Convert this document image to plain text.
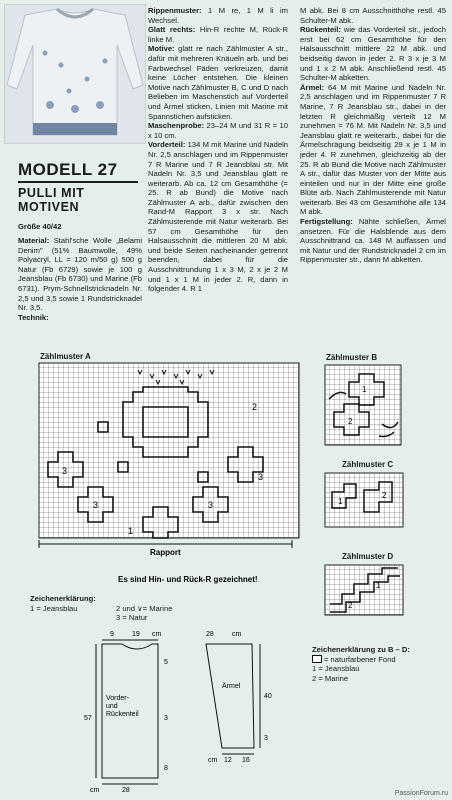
MODELL 27
PULLI MIT
MOTIVEN
Größe 40/42
Material: Stahl'sche Wolle „Belami Denim" (51% Baumwolle, 49% Polyacryl, LL = 120 m/50 g) 500 g Natur (Fb 6729) sowie je 100 g Jeansblau (Fb 6730) und Marine (Fb 6731). Prym-Schnellstricknadeln Nr. 2,5 und 3,5 sowie 1 Rundstricknadel Nr. 3,5.
Technik:
Rippenmuster: 1 M re, 1 M li im Wechsel.
Glatt rechts: Hin-R rechte M, Rück-R linke M.
Motive: glatt re nach Zählmuster A str., dafür mit mehreren Knäueln arb. und bei Farbwechsel Fäden verkreuzen, damit keine Löcher entstehen. Die kleinen Motive nach Zählmuster B, C und D nach Belieben im Maschenstich auf Vorderteil und Ärmel sticken, Linien mit Marine mit Spannstichen aufsticken.
Maschenprobe: 23–24 M und 31 R = 10 x 10 cm.
Vorderteil: 134 M mit Marine und Nadeln Nr. 2,5 anschlagen und im Rippenmuster 7 R Marine und 7 R Jeansblau str. Mit Nadeln Nr. 3,5 und Jeansblau glatt re weiterarb. Ab ca. 12 cm Gesamthöhe (= 25. R ab Bund) die Motive nach Zählmuster A arb., dafür zwischen den Rand-M Rapport 3 x str. Nach Zählmusterende mit Natur weiterarb. Bei 57 cm Gesamthöhe für den Halsausschnitt die mittleren 20 M abk. und beide Seiten nacheinander getrennt beenden, dabei für die Ausschnittrundung 1 x 3 M, 2 x je 2 M und 1 x 1 M in jeder 2. R, dann in folgender 4. R 1
M abk. Bei 8 cm Ausschnitthöhe restl. 45 Schulter-M abk.
Rückenteil: wie das Vorderteil str., jedoch erst bei 62 cm Gesamthöhe für den Halsausschnitt mittlere 22 M abk. und beidseitig davon in jeder 2. R 3 x je 3 M und 1 x 2 M abk. Anschließend restl. 45 Schulter-M abketten.
Ärmel: 64 M mit Marine und Nadeln Nr. 2,5 anschlagen und im Rippenmuster 7 R Marine, 7 R Jeansblau str., dabei in der letzten R gleichmäßig verteilt 12 M zunehmen = 76 M. Mit Nadeln Nr. 3,5 und Jeansblau glatt re weiterarb., dabei für die Ärmelschrägung beidseitig 29 x je 1 M in jeder 4. R zunehmen, gleichzeitig ab der 25. R ab Bund die Motive nach Zählmuster A str., dafür das Muster von der Mitte aus einteilen und nur in der Mitte eine große Blüte arb. Nach Zählmusterende mit Natur weiterarb. Bei 43 cm Gesamthöhe alle 134 M abk.
Fertigstellung: Nähte schließen, Ärmel ansetzen. Für die Halsblende aus dem Ausschnittrand ca. 148 M auffassen und mit Natur und der Rundstricknadel 2 cm im Rippenmuster str., dann M abketten.
Zählmuster A
2
3
3
1
3
3
Rapport
Es sind Hin- und Rück-R gezeichnet!
Zählmuster B
1
2
Zählmuster C
1
2
Zählmuster D
2
1
Zeichenerklärung:
1 = Jeansblau	2 und ∨= Marine
3 = Natur
Zeichenerklärung zu B – D:
= naturfarbener Fond
1 = Jeansblau
2 = Marine
9	19 cm	28	cm
5
3
57
8
28
cm
40
3
cm 12 16
Vorder-
und
Rückenteil
Ärmel
PassionForum.ru
